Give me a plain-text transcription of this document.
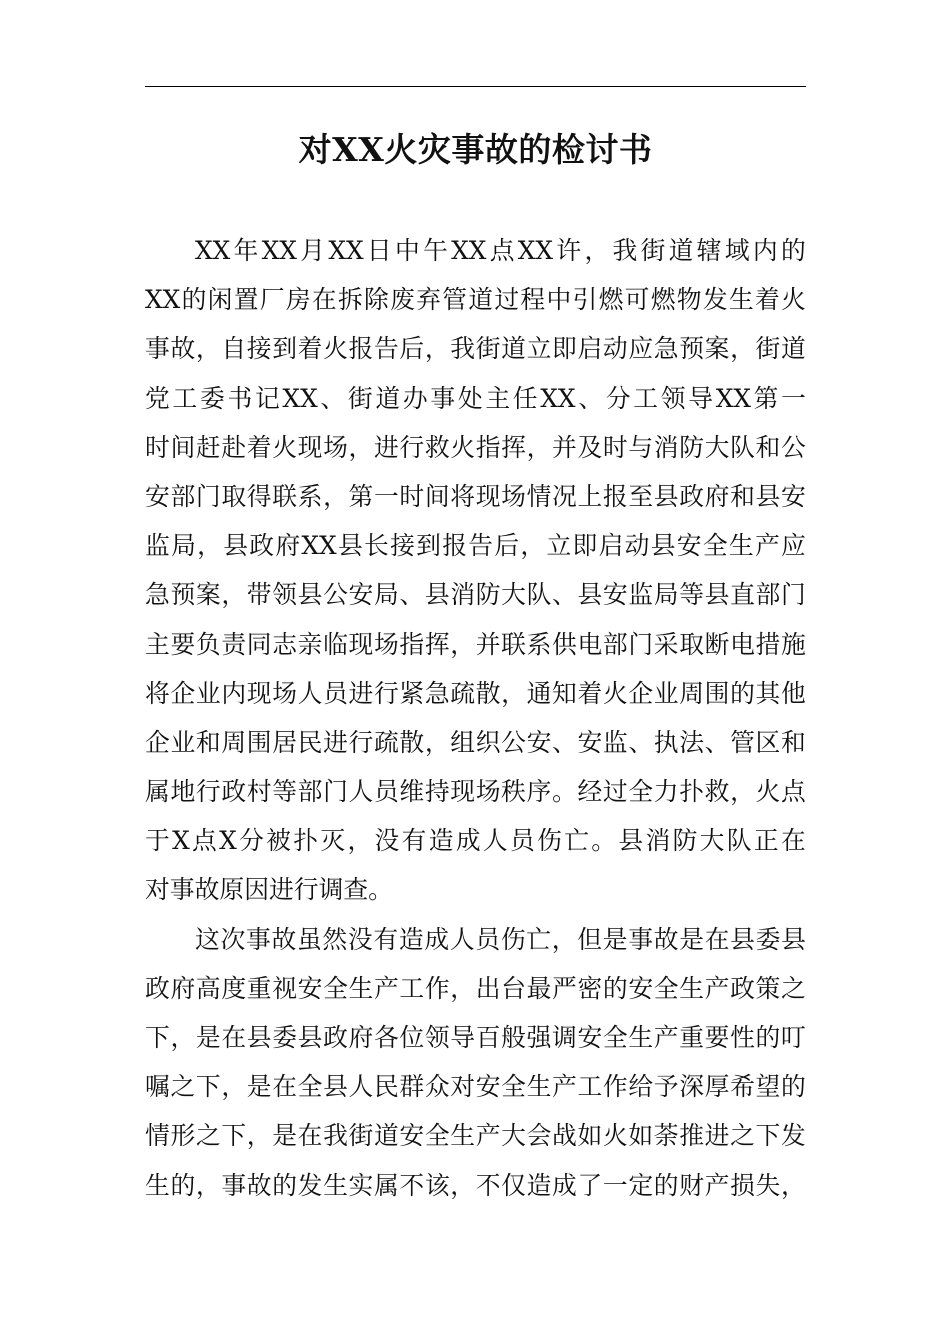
对XX火灾事故的检讨书
XX 年 XX 月 XX 日 中 午 XX 点 XX 许 ， 我 街 道 辖 域 内 的
XX 的 闲 置 厂 房 在 拆 除 废 弃 管 道 过 程 中 引 燃 可 燃 物 发 生 着 火
事 故 ， 自 接 到 着 火 报 告 后 ， 我 街 道 立 即 启 动 应 急 预 案 ， 街 道
党 工 委 书 记 XX 、 街 道 办 事 处 主 任 XX 、 分 工 领 导 XX 第 一
时 间 赶 赴 着 火 现 场 ， 进 行 救 火 指 挥 ， 并 及 时 与 消 防 大 队 和 公
安 部 门 取 得 联 系 ， 第 一 时 间 将 现 场 情 况 上 报 至 县 政 府 和 县 安
监 局 ， 县 政 府 XX 县 长 接 到 报 告 后 ， 立 即 启 动 县 安 全 生 产 应
急 预 案 ， 带 领 县 公 安 局 、 县 消 防 大 队 、 县 安 监 局 等 县 直 部 门
主 要 负 责 同 志 亲 临 现 场 指 挥 ， 并 联 系 供 电 部 门 采 取 断 电 措 施
将 企 业 内 现 场 人 员 进 行 紧 急 疏 散 ， 通 知 着 火 企 业 周 围 的 其 他
企 业 和 周 围 居 民 进 行 疏 散 ， 组 织 公 安 、 安 监 、 执 法 、 管 区 和
属 地 行 政 村 等 部 门 人 员 维 持 现 场 秩 序 。 经 过 全 力 扑 救 ， 火 点
于 X 点 X 分 被 扑 灭 ， 没 有 造 成 人 员 伤 亡 。 县 消 防 大 队 正 在
对事故原因进行调查。
这 次 事 故 虽 然 没 有 造 成 人 员 伤 亡 ， 但 是 事 故 是 在 县 委 县
政 府 高 度 重 视 安 全 生 产 工 作 ， 出 台 最 严 密 的 安 全 生 产 政 策 之
下 ， 是 在 县 委 县 政 府 各 位 领 导 百 般 强 调 安 全 生 产 重 要 性 的 叮
嘱 之 下 ， 是 在 全 县 人 民 群 众 对 安 全 生 产 工 作 给 予 深 厚 希 望 的
情 形 之 下 ， 是 在 我 街 道 安 全 生 产 大 会 战 如 火 如 荼 推 进 之 下 发
生 的 ， 事 故 的 发 生 实 属 不 该 ， 不 仅 造 成 了 一 定 的 财 产 损 失 ，
